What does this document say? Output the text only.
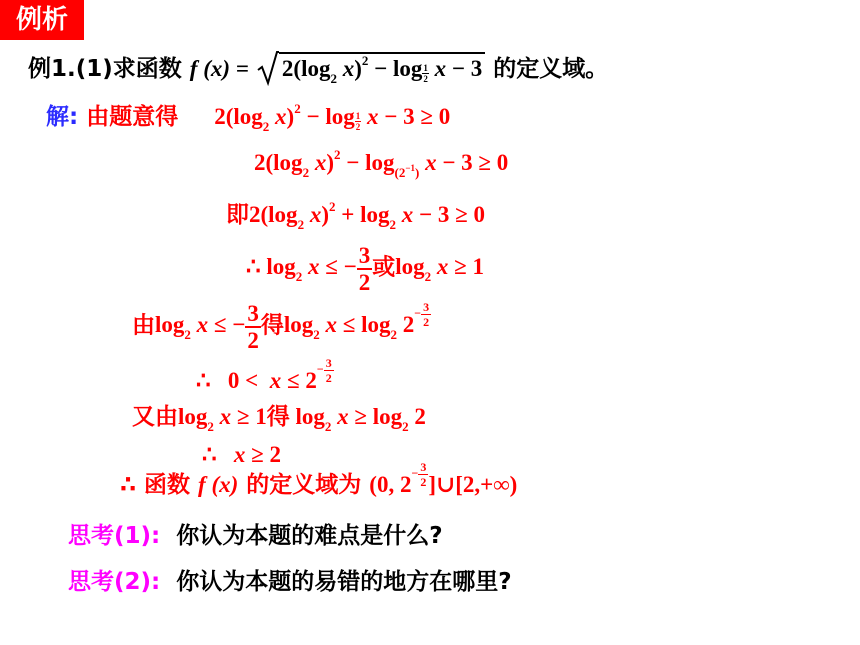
例析
例1.(1)求函数 f $(x) = 2(\log_2$ $x)^2 - \log \frac{1}{2}$ x − 3 的定义域。
解: 由题意得 $2(\log_2$ $x)^2 - \log \frac{1}{2}$ x − 3 ≥ 0
$2(\log_2$ $x)^2 - \log_{(2^{-1})} x - 3 \ge 0$
即$2(\log_2$ $x)^2 + \log_2 x - 3 \ge 0$
∴ $\log_2 x$ ≤ − $\frac{3}{2}$ 或$\log_2 x \ge 1$
由$\log_2 x$ ≤ − $\frac{3}{2}$ 得$\log_2 x \le \log_2 2- \frac{3}{2}$
∴   $0 < x \le 2- \frac{3}{2}$
又由$\log_2 x \ge 1$得 $\log_2 x \ge \log_2 2$
∴   x ≥ 2
∴ 函数 f (x) 的定义域为 (0, $2- \frac{3}{2}$ ]∪[2,+∞)
思考(1): 你认为本题的难点是什么?
思考(2): 你认为本题的易错的地方在哪里?
